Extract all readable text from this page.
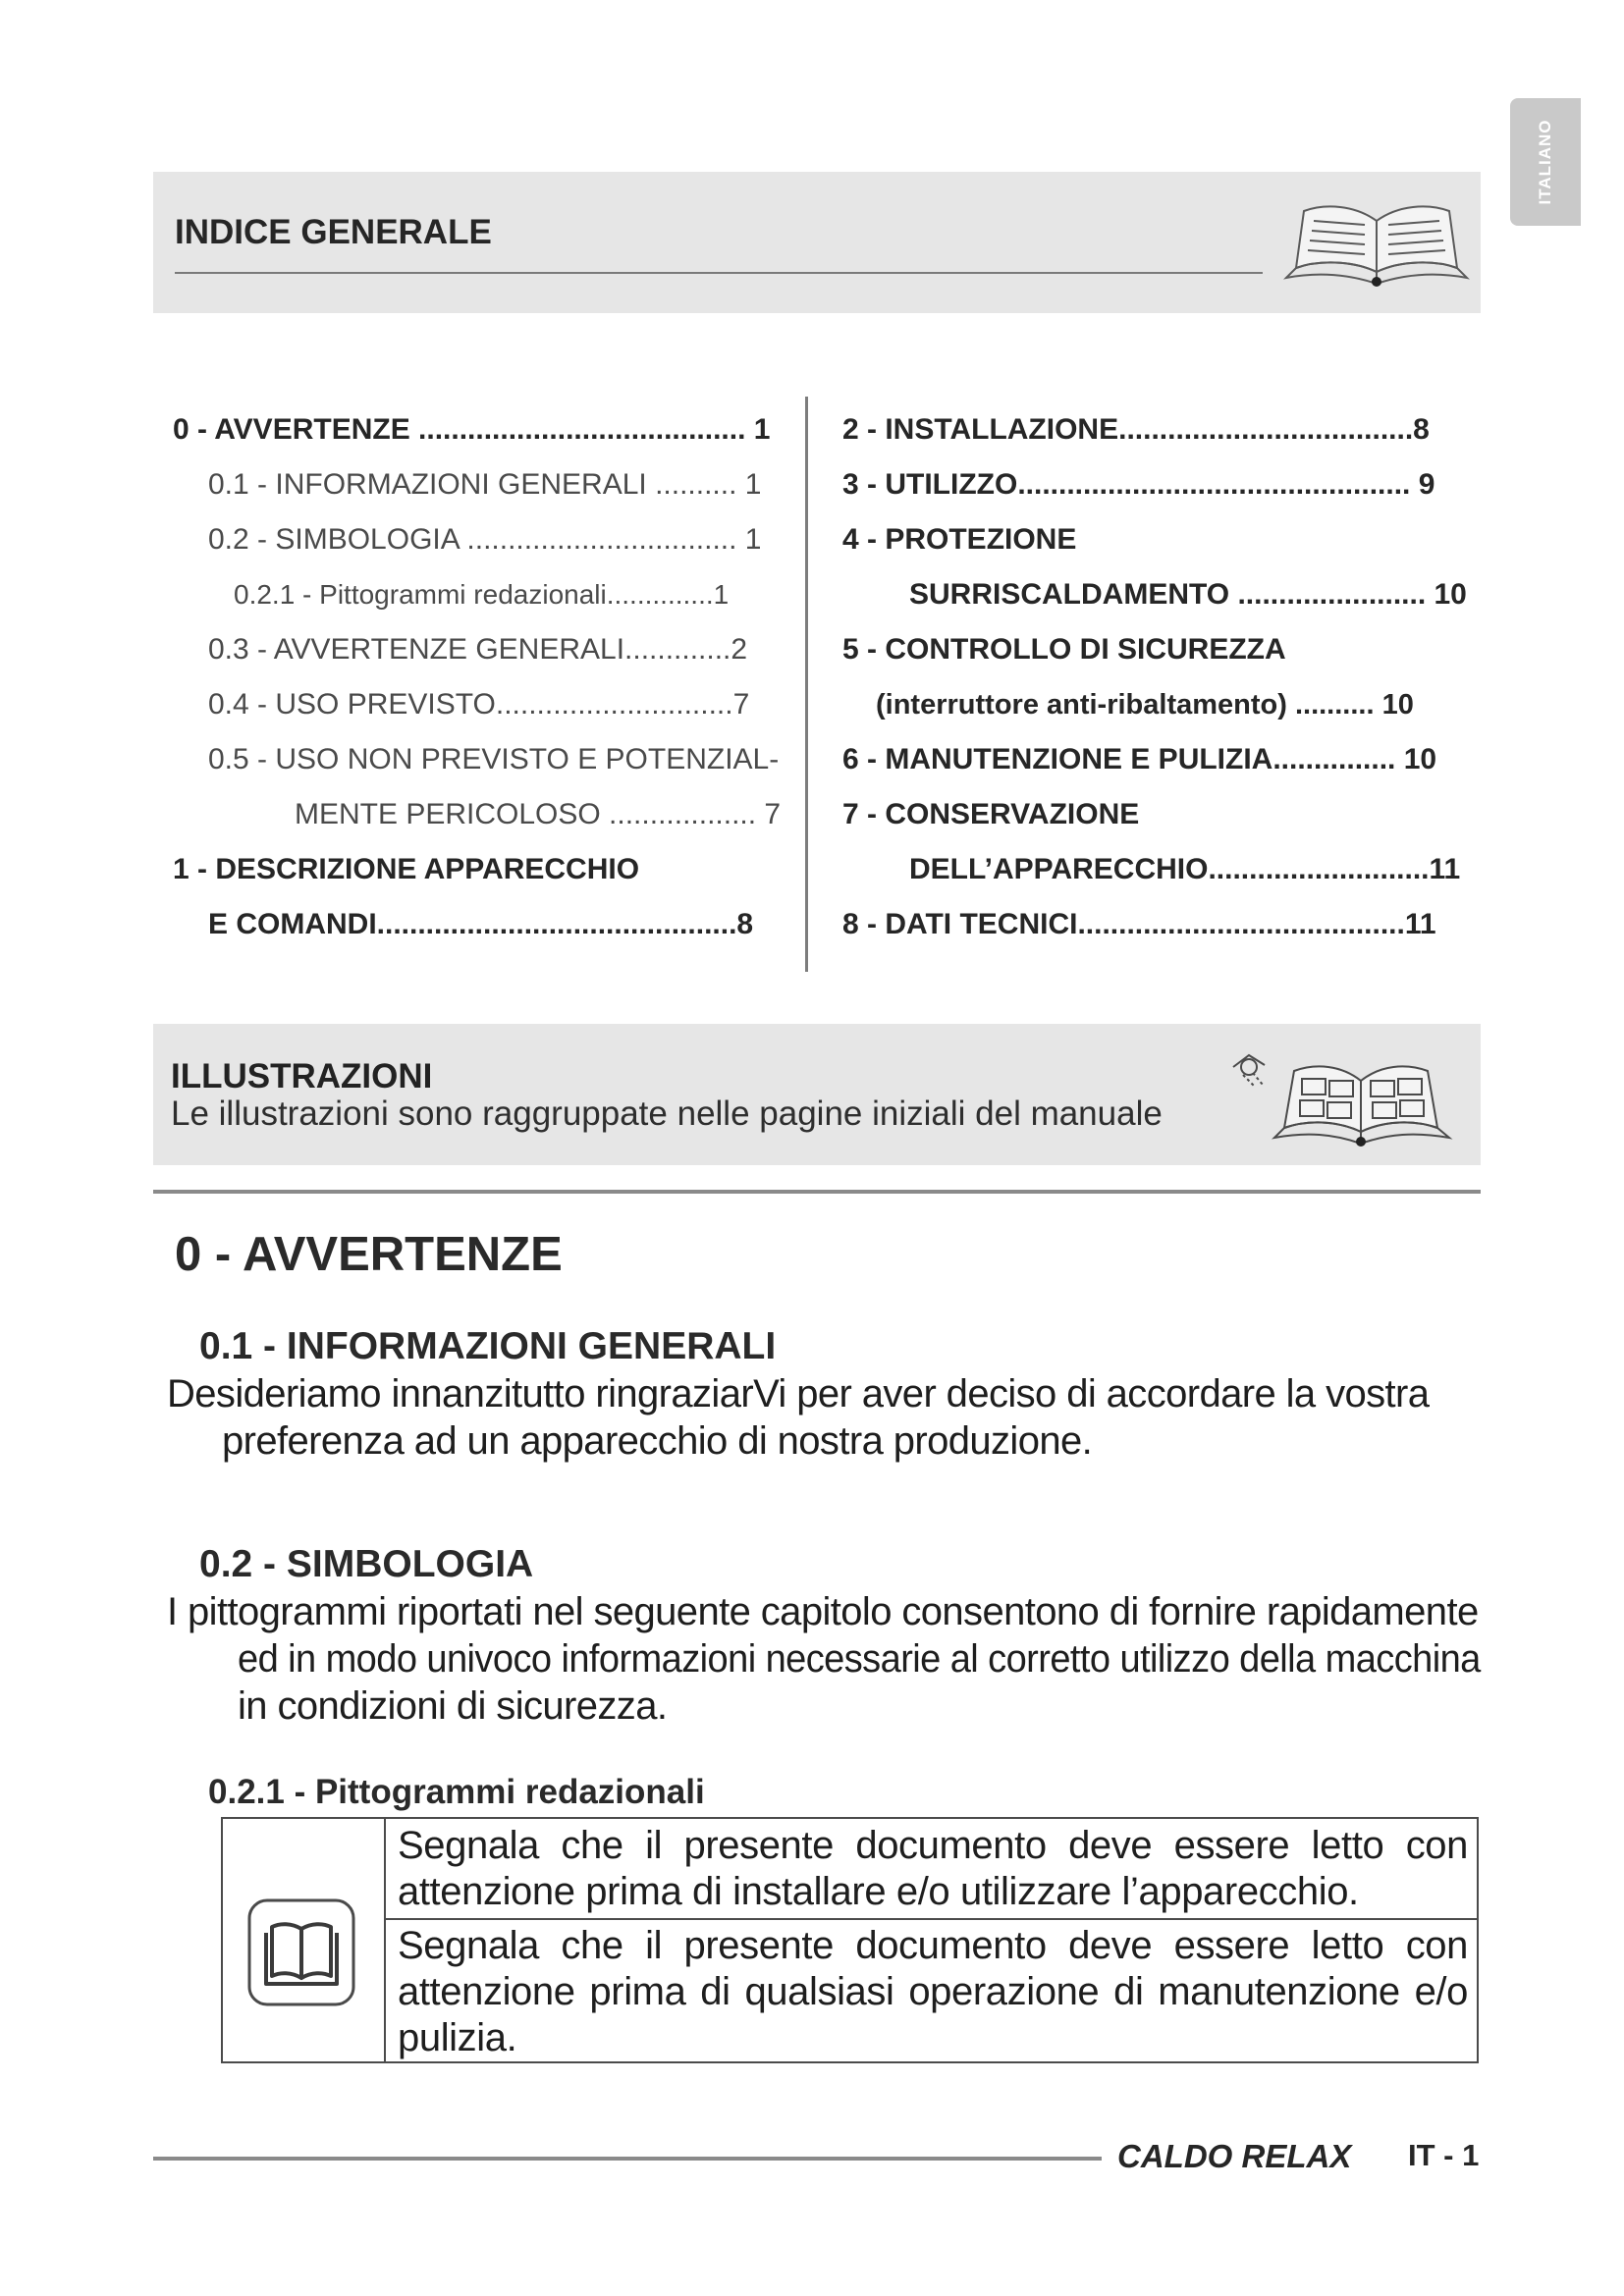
ITALIANO
INDICE GENERALE
0 - AVVERTENZE ........................................ 1
0.1 - INFORMAZIONI GENERALI .......... 1
0.2 - SIMBOLOGIA ................................. 1
0.2.1 - Pittogrammi redazionali..............1
0.3 - AVVERTENZE GENERALI.............2
0.4 - USO PREVISTO.............................7
0.5 - USO NON PREVISTO E POTENZIAL-
MENTE PERICOLOSO .................. 7
1 - DESCRIZIONE APPARECCHIO
E COMANDI............................................8
2 - INSTALLAZIONE....................................8
3 - UTILIZZO................................................ 9
4 - PROTEZIONE
SURRISCALDAMENTO ....................... 10
5 - CONTROLLO DI SICUREZZA
(interruttore anti-ribaltamento) .......... 10
6 - MANUTENZIONE E PULIZIA............... 10
7 - CONSERVAZIONE
DELL’APPARECCHIO...........................11
8 - DATI TECNICI........................................11
ILLUSTRAZIONI
Le illustrazioni sono raggruppate nelle pagine iniziali del manuale
0 - AVVERTENZE
0.1 - INFORMAZIONI GENERALI
Desideriamo innanzitutto ringraziarVi per aver deciso di accordare la vostra
preferenza ad un apparecchio di nostra produzione.
0.2 - SIMBOLOGIA
I pittogrammi riportati nel seguente capitolo consentono di fornire rapidamente
ed in modo univoco informazioni necessarie al corretto utilizzo della macchina
in condizioni di sicurezza.
0.2.1 - Pittogrammi redazionali
Segnala che il presente documento deve essere letto con attenzione prima di installare e/o utilizzare l’apparecchio.
Segnala che il presente documento deve essere letto con attenzione prima di qualsiasi operazione di manutenzione e/o pulizia.
CALDO RELAX IT - 1
